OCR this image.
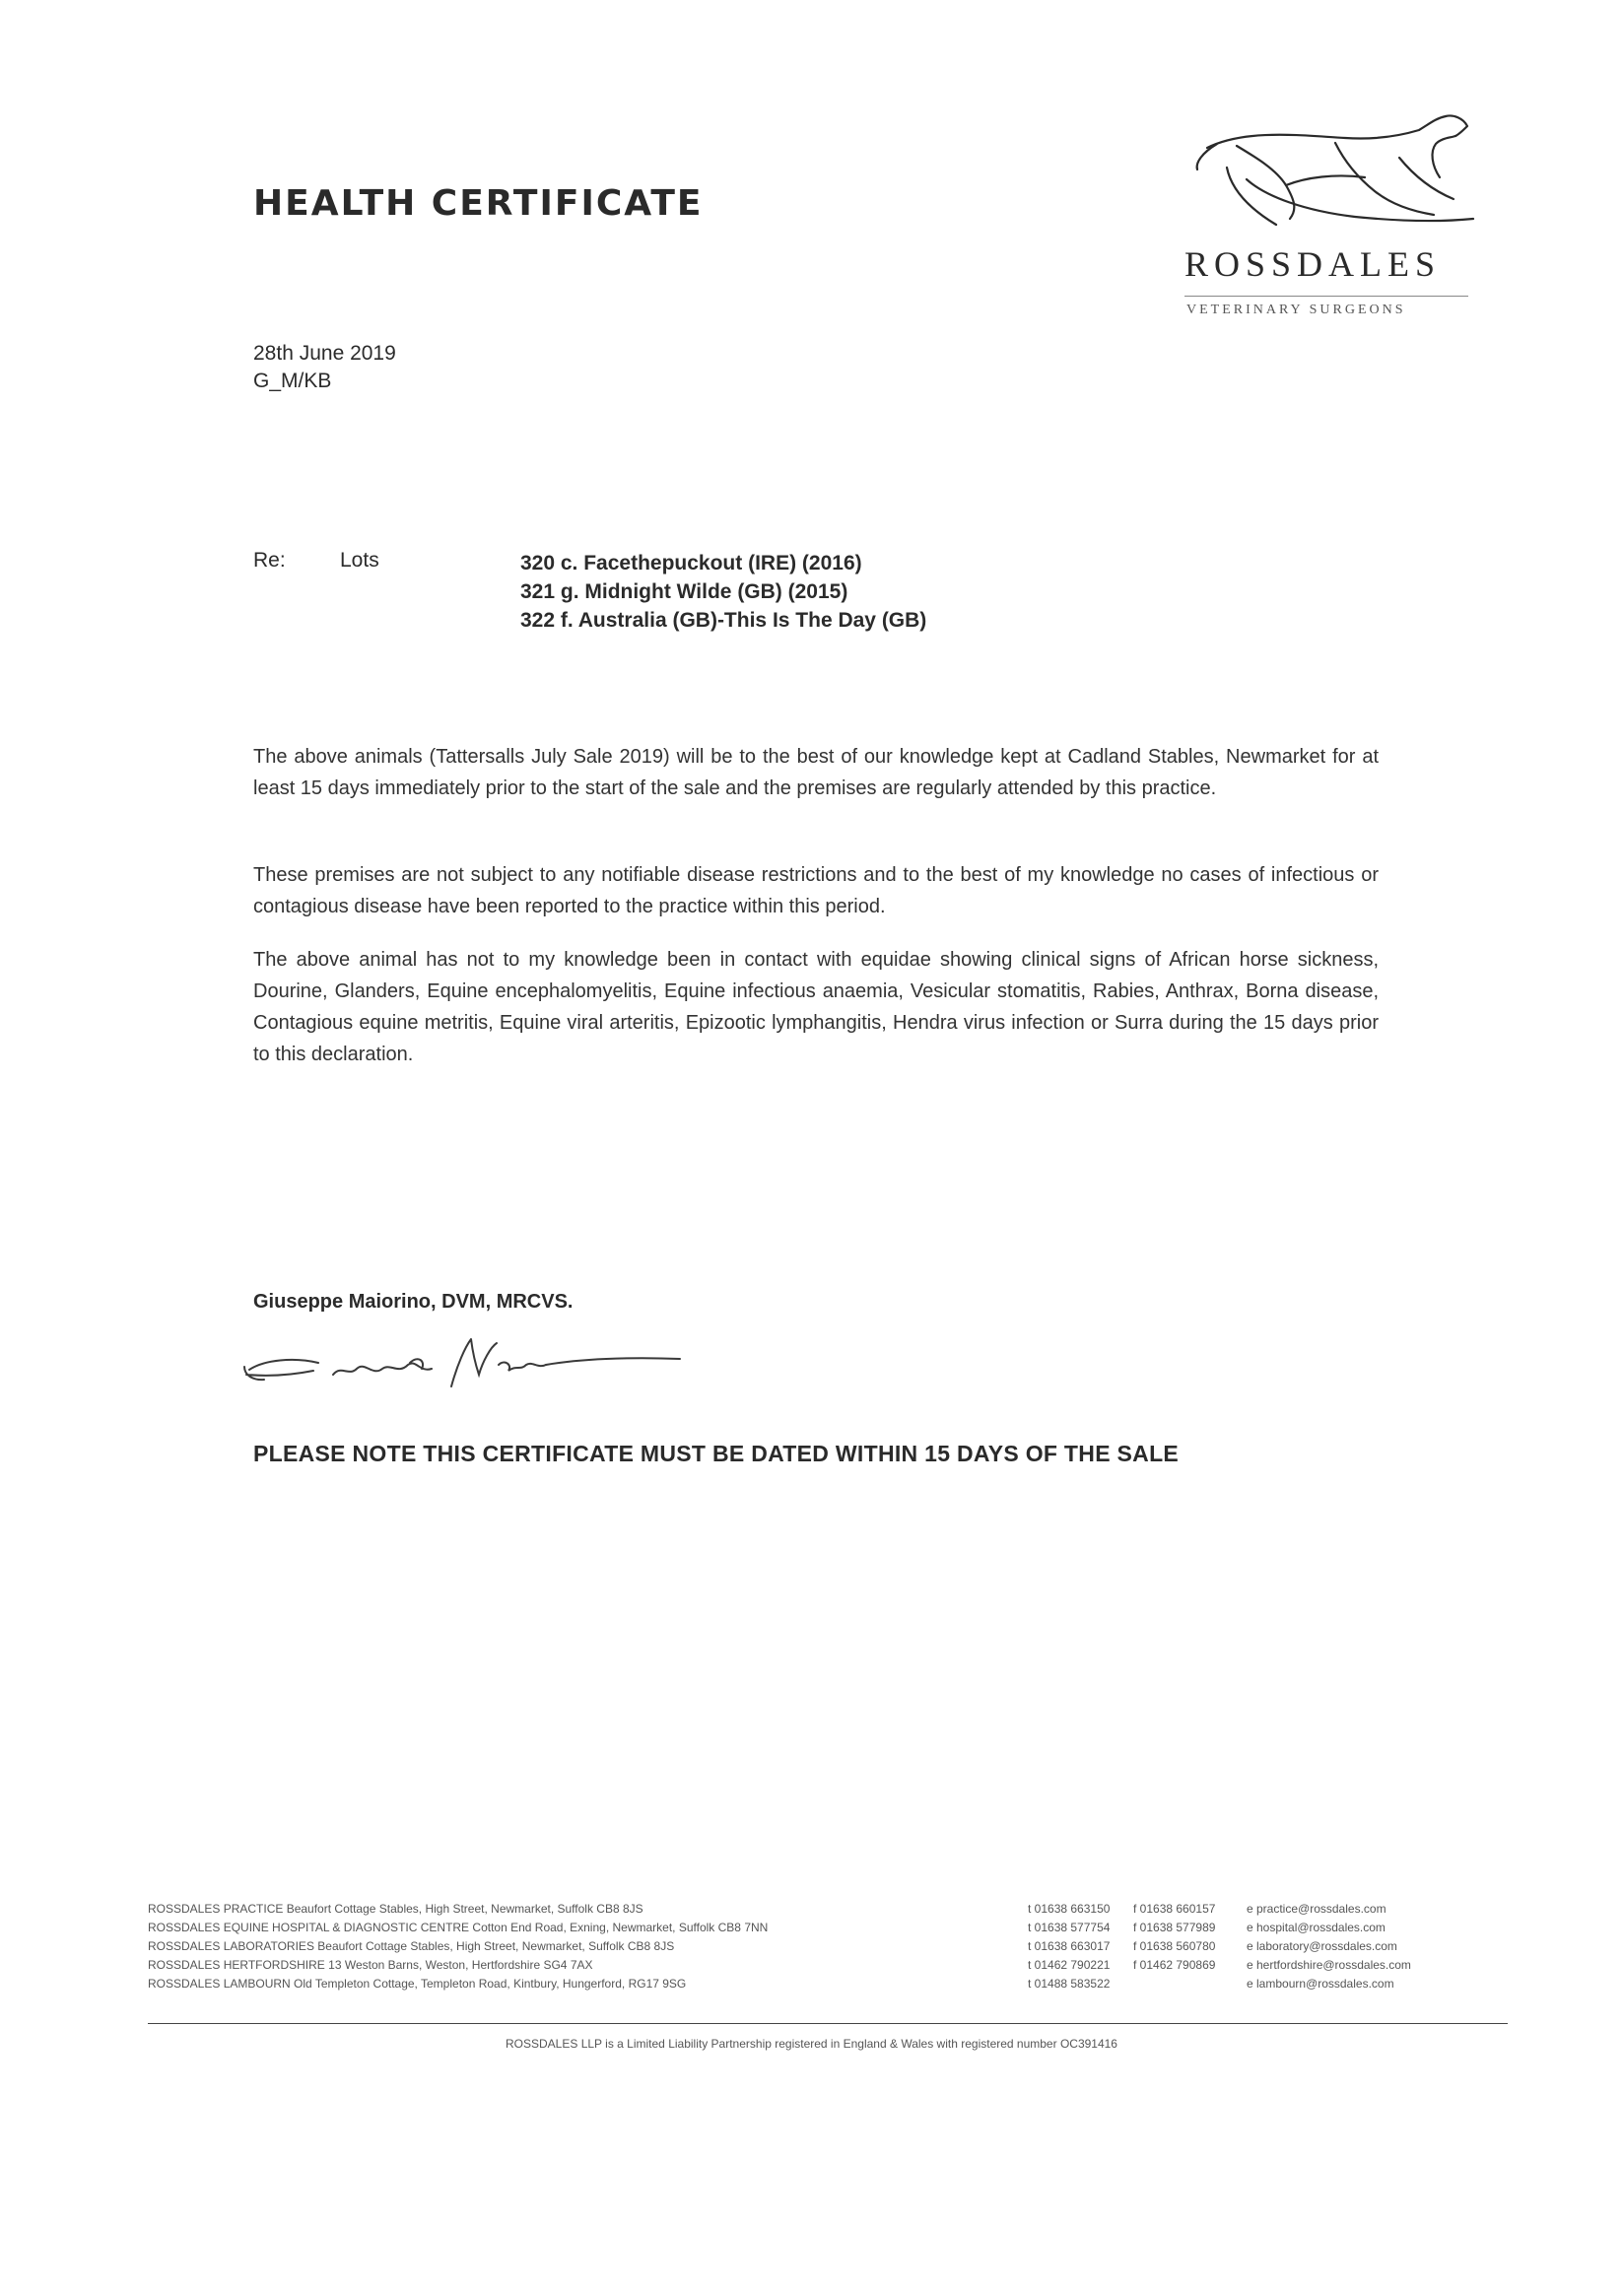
HEALTH CERTIFICATE
ROSSDALES
VETERINARY SURGEONS
28th June 2019
G_M/KB
Re:	Lots	320 c. Facethepuckout (IRE) (2016)
321 g. Midnight Wilde (GB) (2015)
322 f. Australia (GB)-This Is The Day (GB)
The above animals (Tattersalls July Sale 2019) will be to the best of our knowledge kept at Cadland Stables, Newmarket for at least 15 days immediately prior to the start of the sale and the premises are regularly attended by this practice.
These premises are not subject to any notifiable disease restrictions and to the best of my knowledge no cases of infectious or contagious disease have been reported to the practice within this period.
The above animal has not to my knowledge been in contact with equidae showing clinical signs of African horse sickness, Dourine, Glanders, Equine encephalomyelitis, Equine infectious anaemia, Vesicular stomatitis, Rabies, Anthrax, Borna disease, Contagious equine metritis, Equine viral arteritis, Epizootic lymphangitis, Hendra virus infection or Surra during the 15 days prior to this declaration.
Giuseppe Maiorino, DVM, MRCVS.
PLEASE NOTE THIS CERTIFICATE MUST BE DATED WITHIN 15 DAYS OF THE SALE
ROSSDALES PRACTICE Beaufort Cottage Stables, High Street, Newmarket, Suffolk CB8 8JS	t 01638 663150 f 01638 660157	e practice@rossdales.com
ROSSDALES EQUINE HOSPITAL & DIAGNOSTIC CENTRE Cotton End Road, Exning, Newmarket, Suffolk CB8 7NN	t 01638 577754 f 01638 577989	e hospital@rossdales.com
ROSSDALES LABORATORIES Beaufort Cottage Stables, High Street, Newmarket, Suffolk CB8 8JS	t 01638 663017 f 01638 560780	e laboratory@rossdales.com
ROSSDALES HERTFORDSHIRE 13 Weston Barns, Weston, Hertfordshire SG4 7AX	t 01462 790221 f 01462 790869	e hertfordshire@rossdales.com
ROSSDALES LAMBOURN Old Templeton Cottage, Templeton Road, Kintbury, Hungerford, RG17 9SG	t 01488 583522	e lambourn@rossdales.com
ROSSDALES LLP is a Limited Liability Partnership registered in England & Wales with registered number OC391416
